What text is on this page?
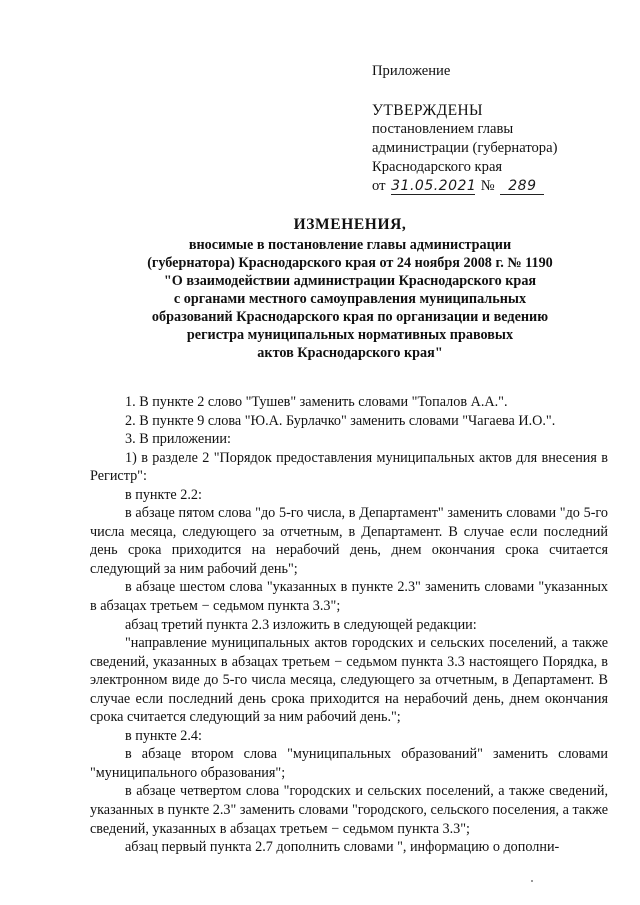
Приложение
УТВЕРЖДЕНЫ
постановлением главы
администрации (губернатора)
Краснодарского края
от 31.05.2021 № 289
ИЗМЕНЕНИЯ,
вносимые в постановление главы администрации
(губернатора) Краснодарского края от 24 ноября 2008 г. № 1190
"О взаимодействии администрации Краснодарского края
с органами местного самоуправления муниципальных
образований Краснодарского края по организации и ведению
регистра муниципальных нормативных правовых
актов Краснодарского края"

1. В пункте 2 слово "Тушев" заменить словами "Топалов А.А.".

2. В пункте 9 слова "Ю.А. Бурлачко" заменить словами "Чагаева И.О.".

3. В приложении:

1) в разделе 2 "Порядок предоставления муниципальных актов для внесения в Регистр":

в пункте 2.2:

в абзаце пятом слова "до 5-го числа, в Департамент" заменить словами "до 5-го числа месяца, следующего за отчетным, в Департамент. В случае если последний день срока приходится на нерабочий день, днем окончания срока считается следующий за ним рабочий день";

в абзаце шестом слова "указанных в пункте 2.3" заменить словами "указанных в абзацах третьем − седьмом пункта 3.3";

абзац третий пункта 2.3 изложить в следующей редакции:

"направление муниципальных актов городских и сельских поселений, а также сведений, указанных в абзацах третьем − седьмом пункта 3.3 настоящего Порядка, в электронном виде до 5-го числа месяца, следующего за отчетным, в Департамент. В случае если последний день срока приходится на нерабочий день, днем окончания срока считается следующий за ним рабочий день.";

в пункте 2.4:

в абзаце втором слова "муниципальных образований" заменить словами "муниципального образования";

в абзаце четвертом слова "городских и сельских поселений, а также сведений, указанных в пункте 2.3" заменить словами "городского, сельского поселения, а также сведений, указанных в абзацах третьем − седьмом пункта 3.3";

абзац первый пункта 2.7 дополнить словами ", информацию о дополни-
